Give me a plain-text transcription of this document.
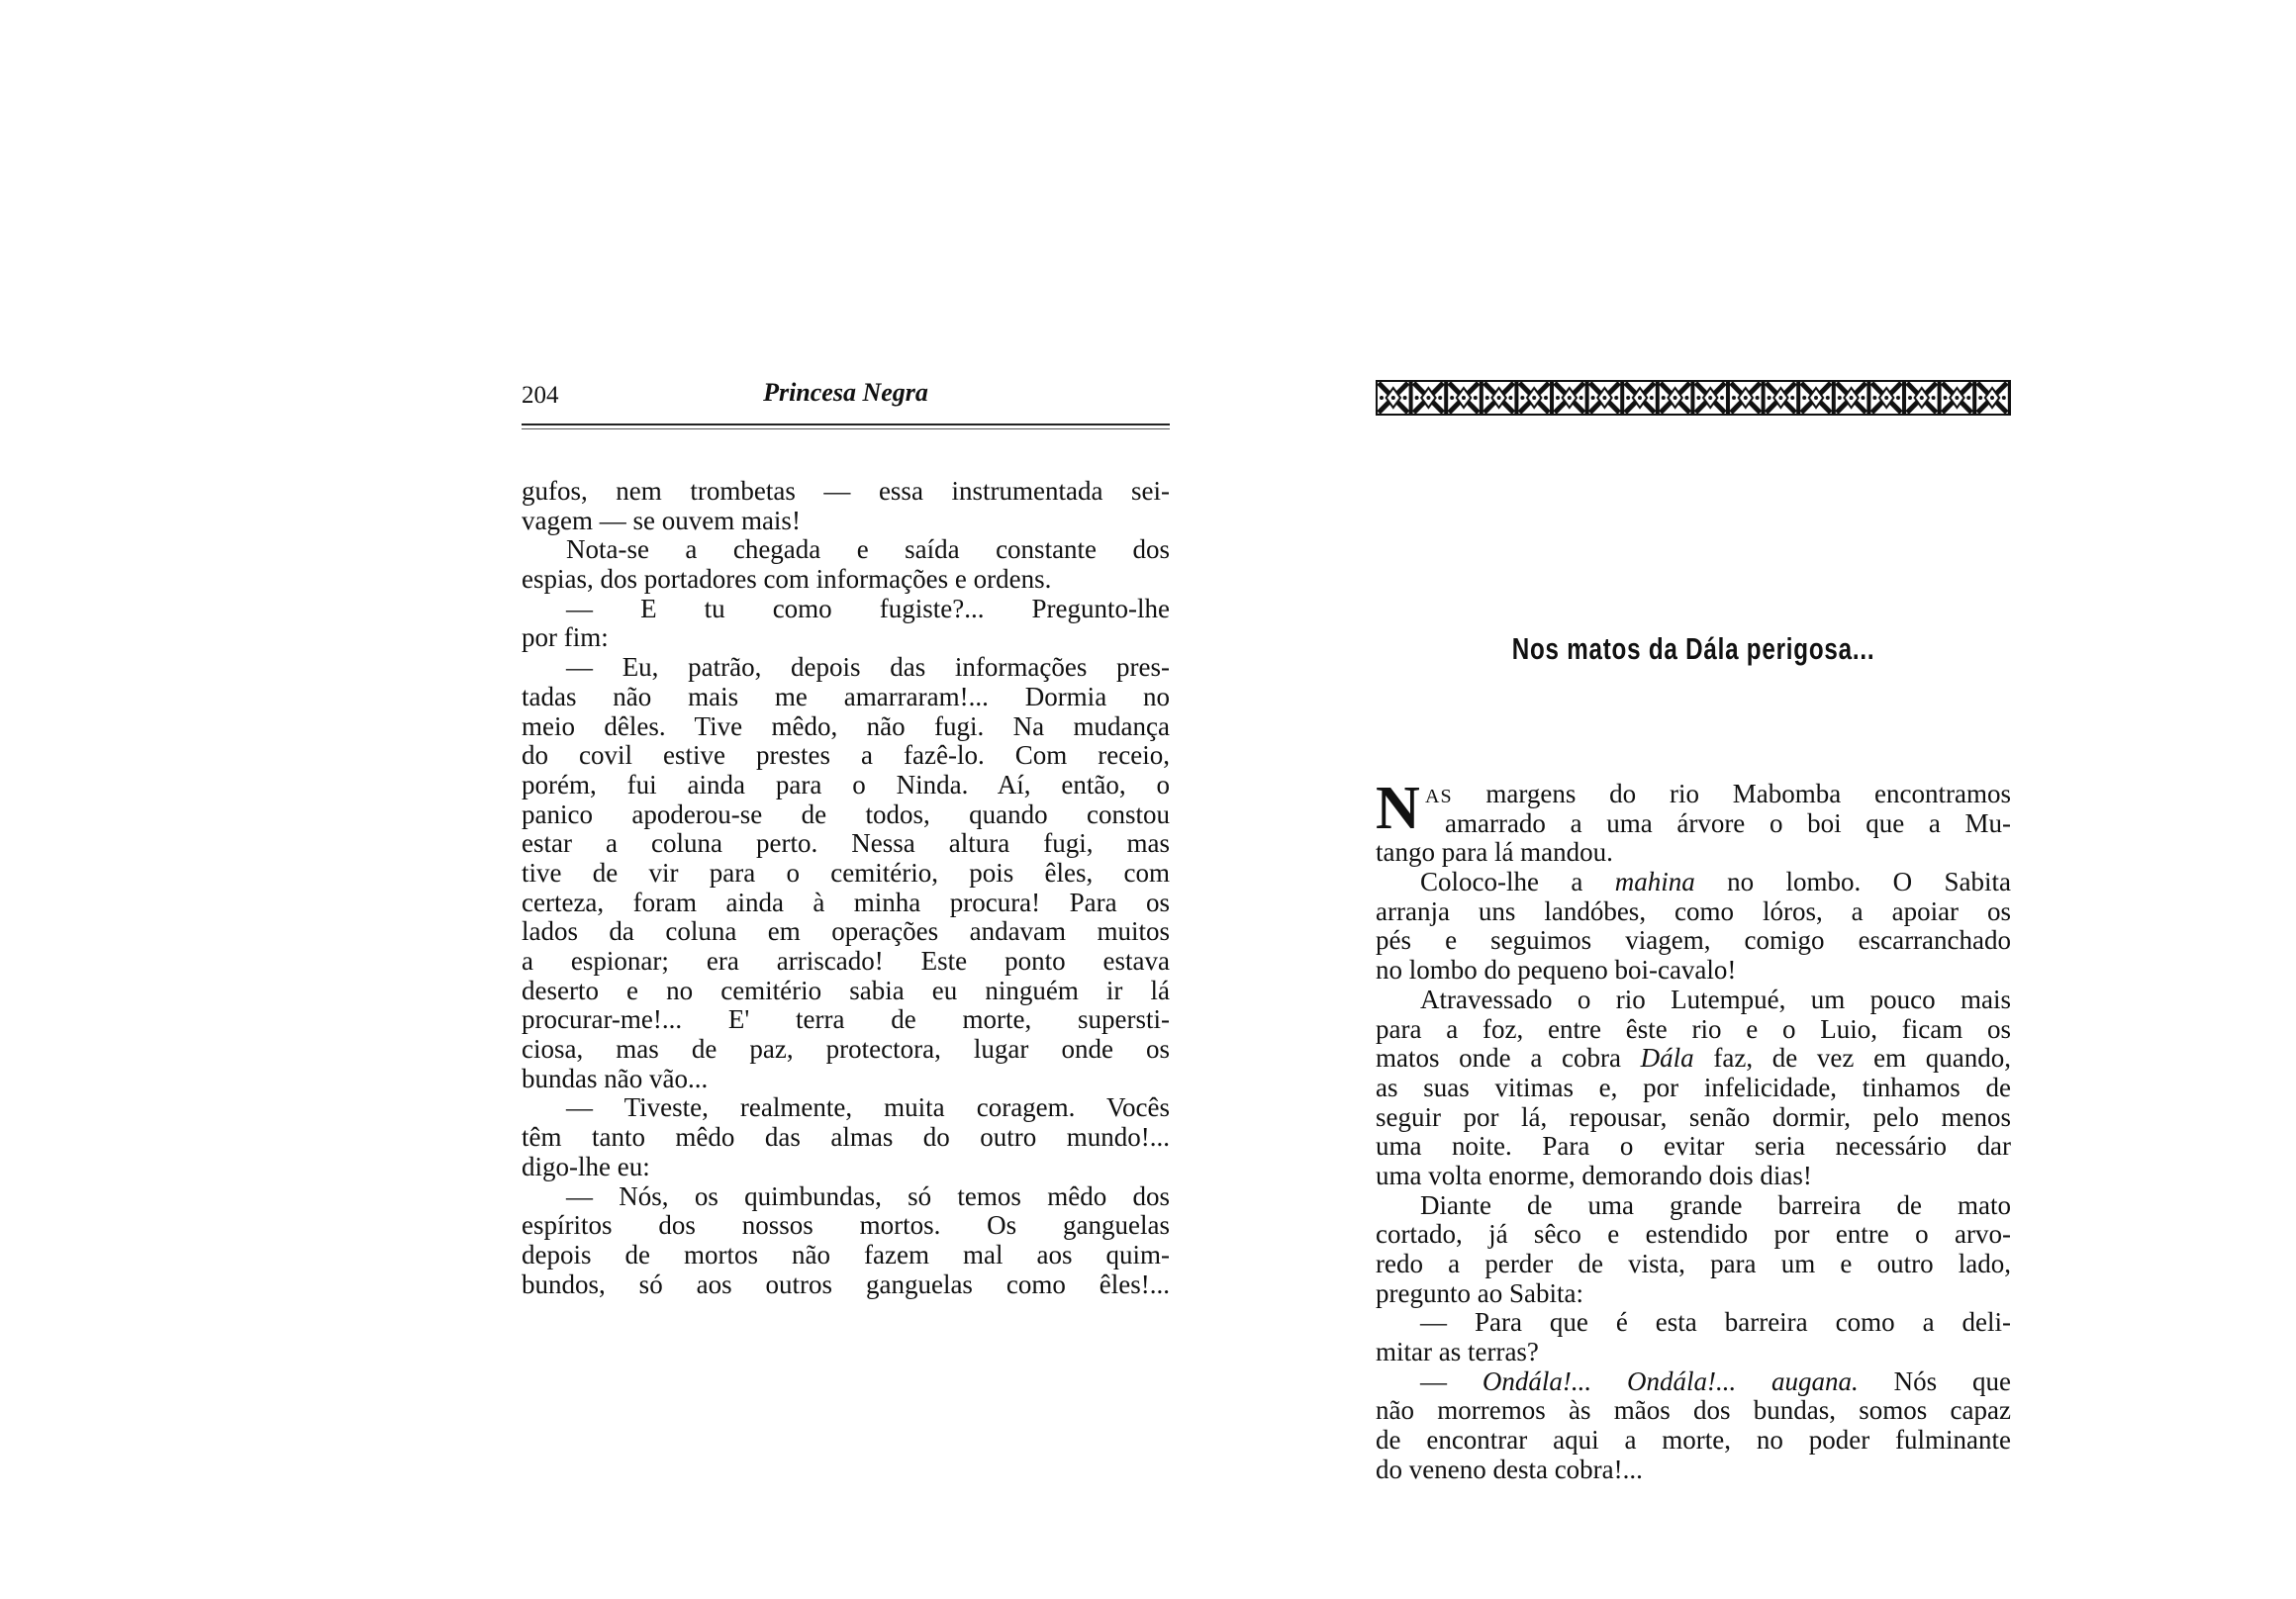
204	Princesa Negra
gufos, nem trombetas — essa instrumentada sei-
vagem — se ouvem mais!
Nota-se a chegada e saída constante dos
espias, dos portadores com informações e ordens.
— E tu como fugiste?... Preguntо-lhe
por fim:
— Eu, patrão, depois das informações pres-
tadas não mais me amarraram!... Dormia no
meio dêles. Tive mêdo, não fugi. Na mudança
do covil estive prestes a fazê-lo. Com receio,
porém, fui ainda para o Ninda. Aí, então, o
panico apoderou-se de todos, quando constou
estar a coluna perto. Nessa altura fugi, mas
tive de vir para o cemitério, pois êles, com
certeza, foram ainda à minha procura! Para os
lados da coluna em operações andavam muitos
a espionar; era arriscado! Este ponto estava
deserto e no cemitério sabia eu ninguém ir lá
procurar-me!... E' terra de morte, supersti-
ciosa, mas de paz, protectora, lugar onde os
bundas não vão...
— Tiveste, realmente, muita coragem. Vocês
têm tanto mêdo das almas do outro mundo!...
digo-lhe eu:
— Nós, os quimbundas, só temos mêdo dos
espíritos dos nossos mortos. Os ganguelas
depois de mortos não fazem mal aos quim-
bundos, só aos outros ganguelas como êles!...
Nos matos da Dála perigosa...
N AS margens do rio Mabomba encontramos
amarrado a uma árvore o boi que a Mu-
tango para lá mandou.
Coloco-lhe a mahina no lombo. O Sabita
arranja uns landóbes, como lóros, a apoiar os
pés e seguimos viagem, comigo escarranchado
no lombo do pequeno boi-cavalo!
Atravessado o rio Lutempué, um pouco mais
para a foz, entre êste rio e o Luio, ficam os
matos onde a cobra Dála faz, de vez em quando,
as suas vitimas e, por infelicidade, tinhamos de
seguir por lá, repousar, senão dormir, pelo menos
uma noite. Para o evitar seria necessário dar
uma volta enorme, demorando dois dias!
Diante de uma grande barreira de mato
cortado, já sêco e estendido por entre o arvo-
redo a perder de vista, para um e outro lado,
pregunto ao Sabita:
— Para que é esta barreira como a deli-
mitar as terras?
— Ondála!... Ondála!... augana. Nós que
não morremos às mãos dos bundas, somos capaz
de encontrar aqui a morte, no poder fulminante
do veneno desta cobra!...
